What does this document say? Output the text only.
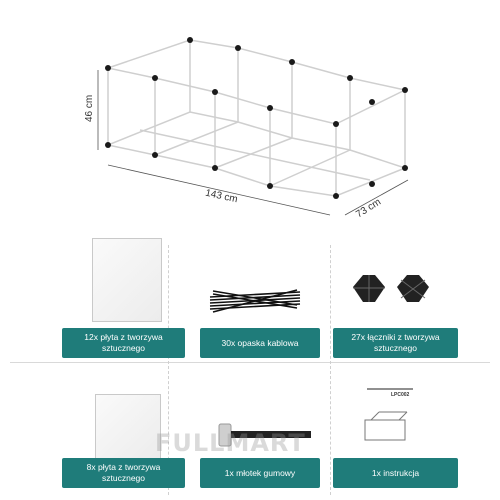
46 cm
143 cm
73 cm
12x płyta z tworzywa sztucznego
30x opaska kablowa
27x łączniki z tworzywa sztucznego
8x płyta z tworzywa sztucznego
1x młotek gumowy
LPC002
1x instrukcja
FULLMART
